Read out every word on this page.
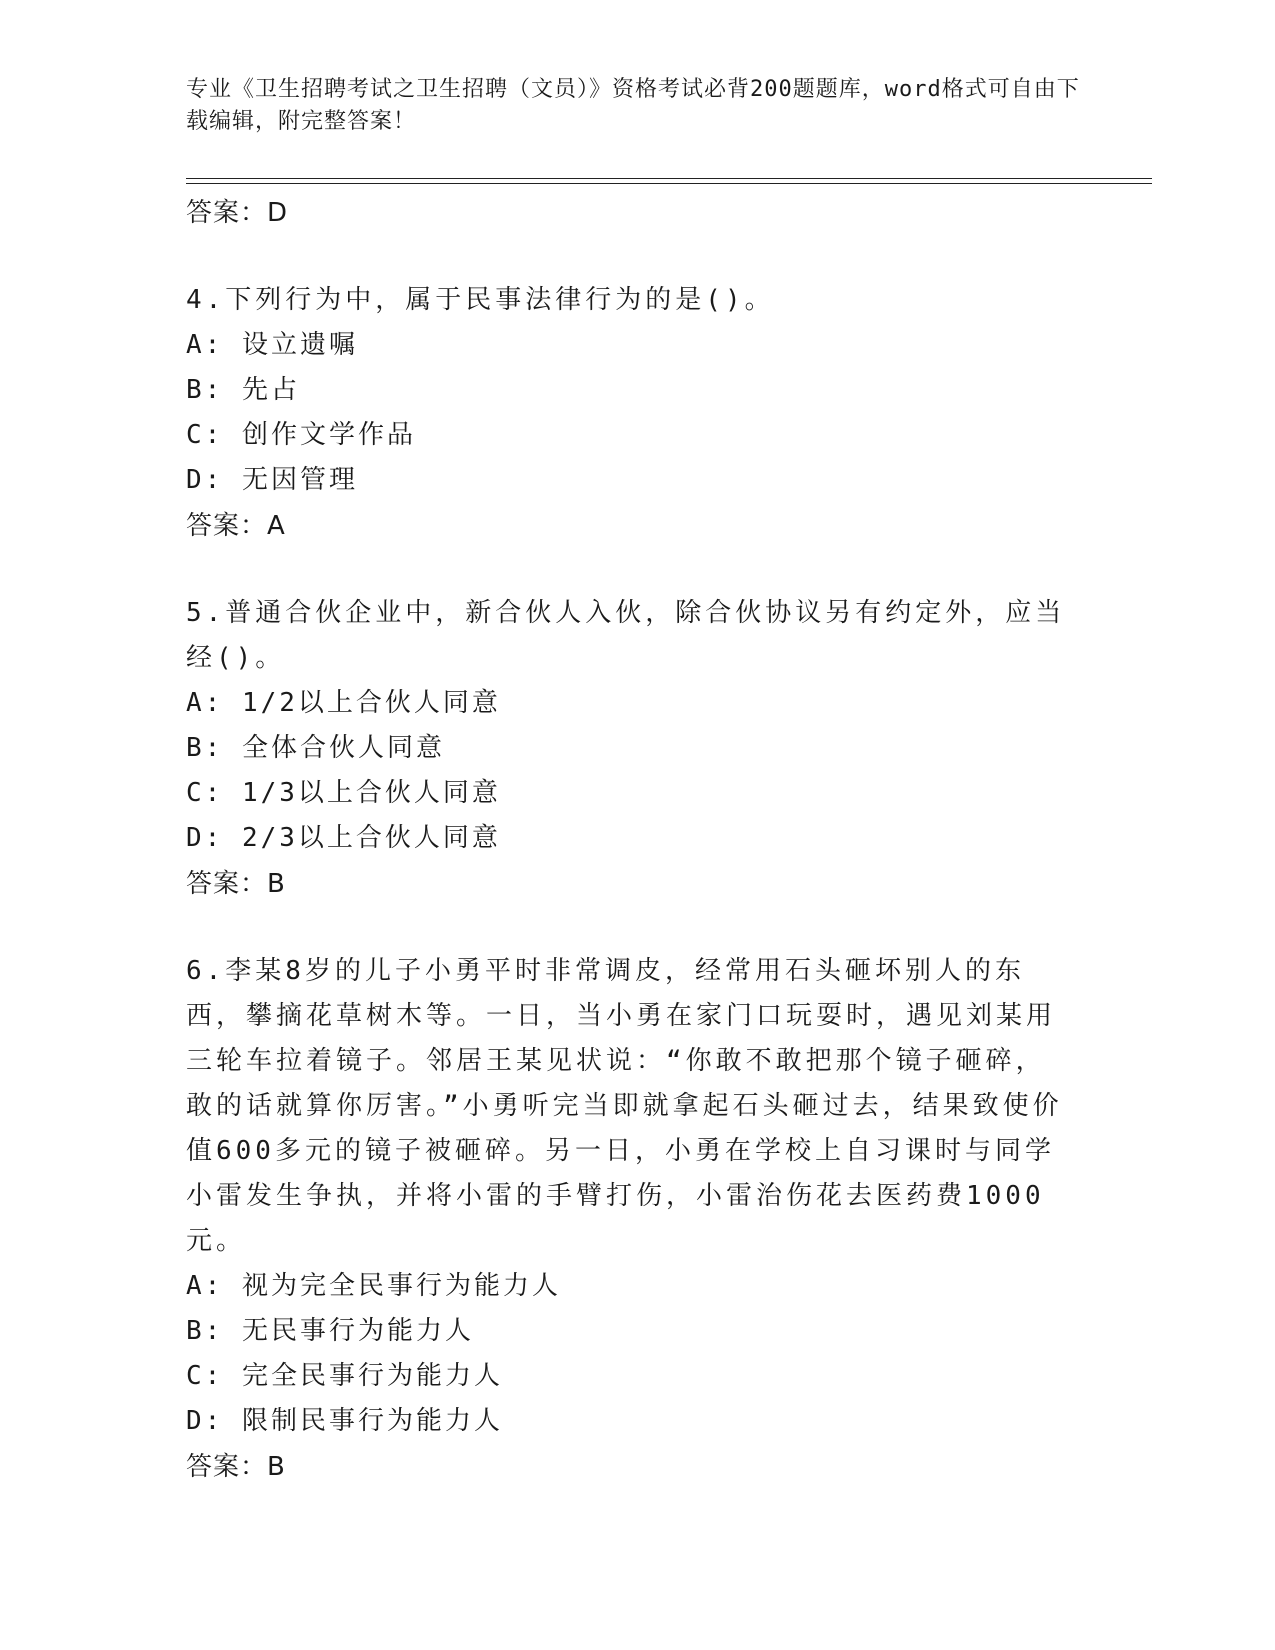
专业《卫生招聘考试之卫生招聘（文员）》资格考试必背200题题库，word格式可自由下载编辑，附完整答案！

答案：D

4.下列行为中，属于民事法律行为的是()。

A: 设立遗嘱

B: 先占

C: 创作文学作品

D: 无因管理

答案：A

5.普通合伙企业中，新合伙人入伙，除合伙协议另有约定外，应当经()。

A: 1/2以上合伙人同意

B: 全体合伙人同意

C: 1/3以上合伙人同意

D: 2/3以上合伙人同意

答案：B

6.李某8岁的儿子小勇平时非常调皮，经常用石头砸坏别人的东西，攀摘花草树木等。一日，当小勇在家门口玩耍时，遇见刘某用三轮车拉着镜子。邻居王某见状说：“你敢不敢把那个镜子砸碎，敢的话就算你厉害。”小勇听完当即就拿起石头砸过去，结果致使价值600多元的镜子被砸碎。另一日，小勇在学校上自习课时与同学小雷发生争执，并将小雷的手臂打伤，小雷治伤花去医药费1000元。

A: 视为完全民事行为能力人

B: 无民事行为能力人

C: 完全民事行为能力人

D: 限制民事行为能力人

答案：B
